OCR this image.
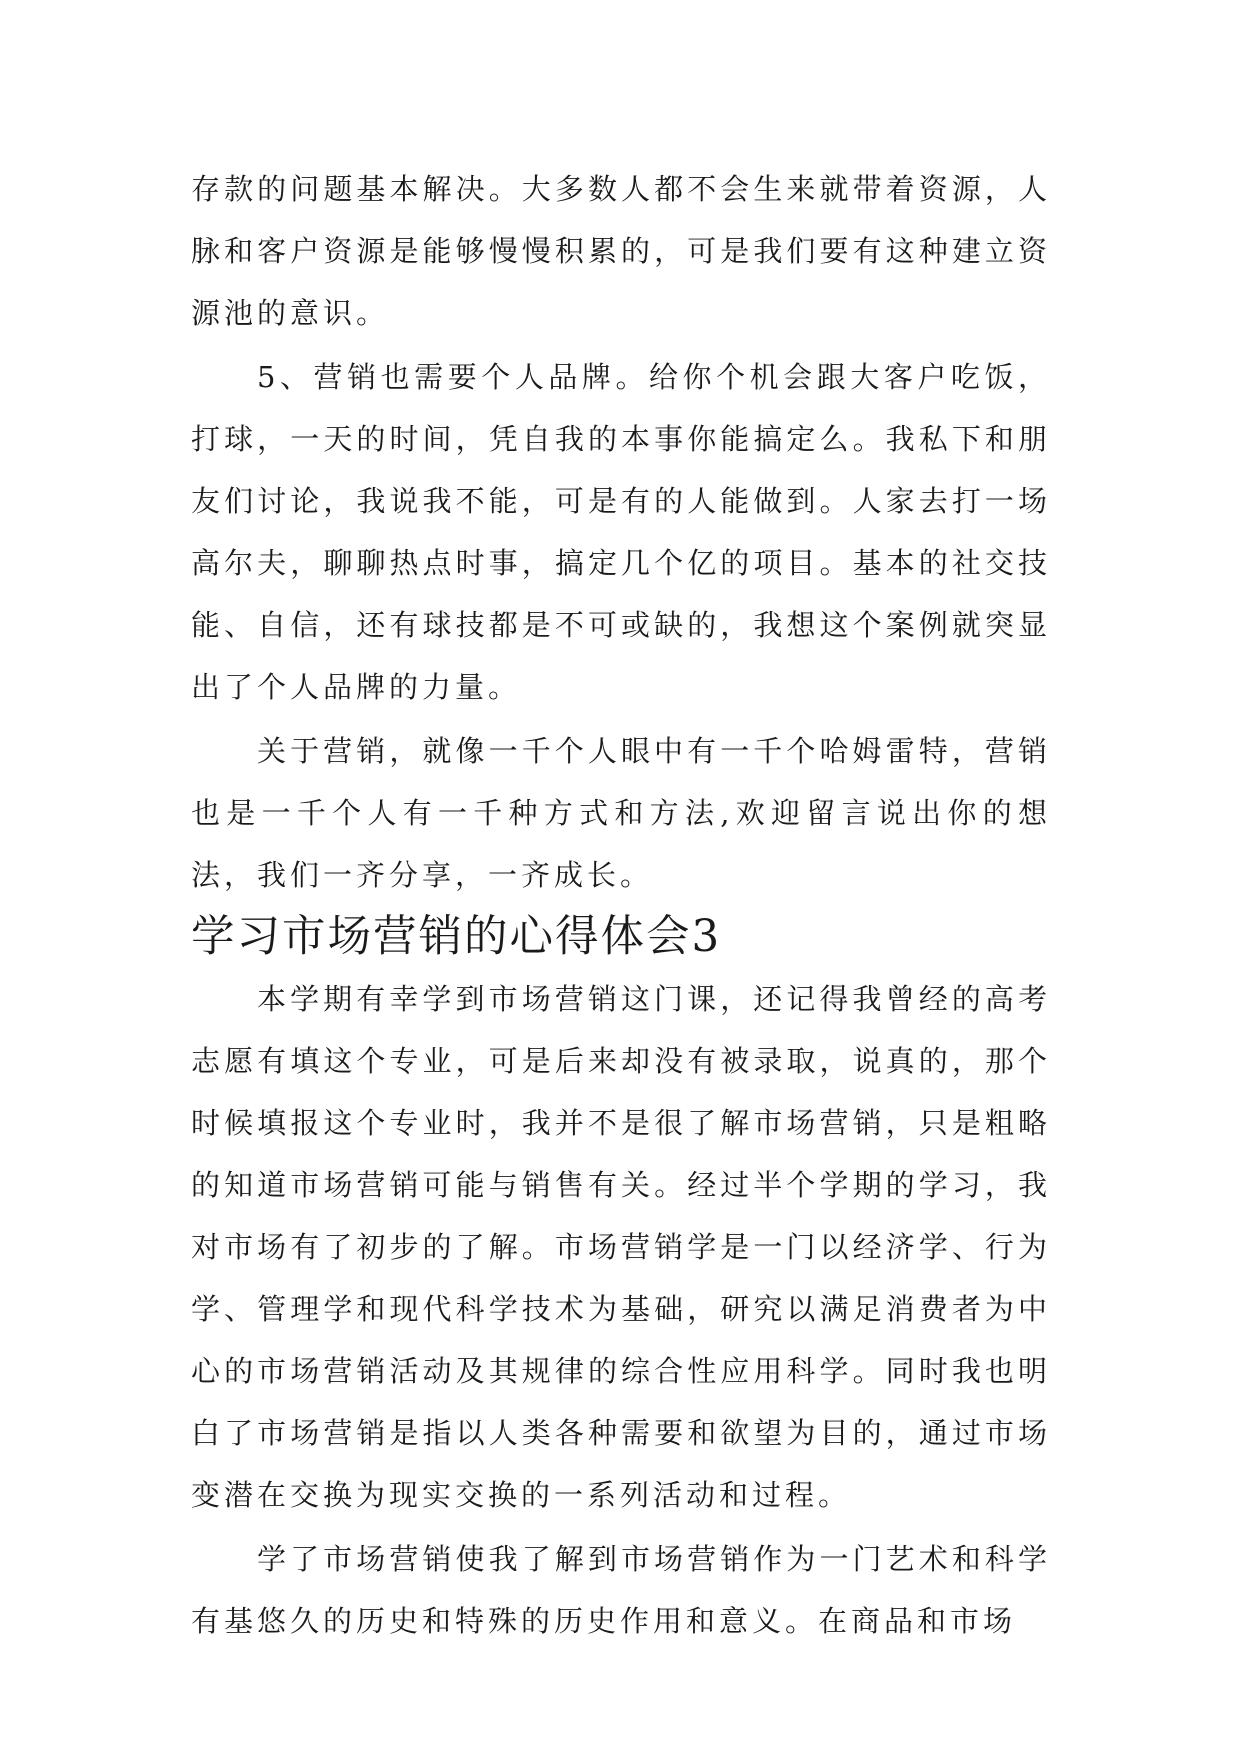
存款的问题基本解决。大多数人都不会生来就带着资源，人脉和客户资源是能够慢慢积累的，可是我们要有这种建立资源池的意识。

5、营销也需要个人品牌。给你个机会跟大客户吃饭，打球，一天的时间，凭自我的本事你能搞定么。我私下和朋友们讨论，我说我不能，可是有的人能做到。人家去打一场高尔夫，聊聊热点时事，搞定几个亿的项目。基本的社交技能、自信，还有球技都是不可或缺的，我想这个案例就突显出了个人品牌的力量。

关于营销，就像一千个人眼中有一千个哈姆雷特，营销也是一千个人有一千种方式和方法,欢迎留言说出你的想法，我们一齐分享，一齐成长。

学习市场营销的心得体会3

本学期有幸学到市场营销这门课，还记得我曾经的高考志愿有填这个专业，可是后来却没有被录取，说真的，那个时候填报这个专业时，我并不是很了解市场营销，只是粗略的知道市场营销可能与销售有关。经过半个学期的学习，我对市场有了初步的了解。市场营销学是一门以经济学、行为学、管理学和现代科学技术为基础，研究以满足消费者为中心的市场营销活动及其规律的综合性应用科学。同时我也明白了市场营销是指以人类各种需要和欲望为目的，通过市场变潜在交换为现实交换的一系列活动和过程。

学了市场营销使我了解到市场营销作为一门艺术和科学有基悠久的历史和特殊的历史作用和意义。在商品和市场
